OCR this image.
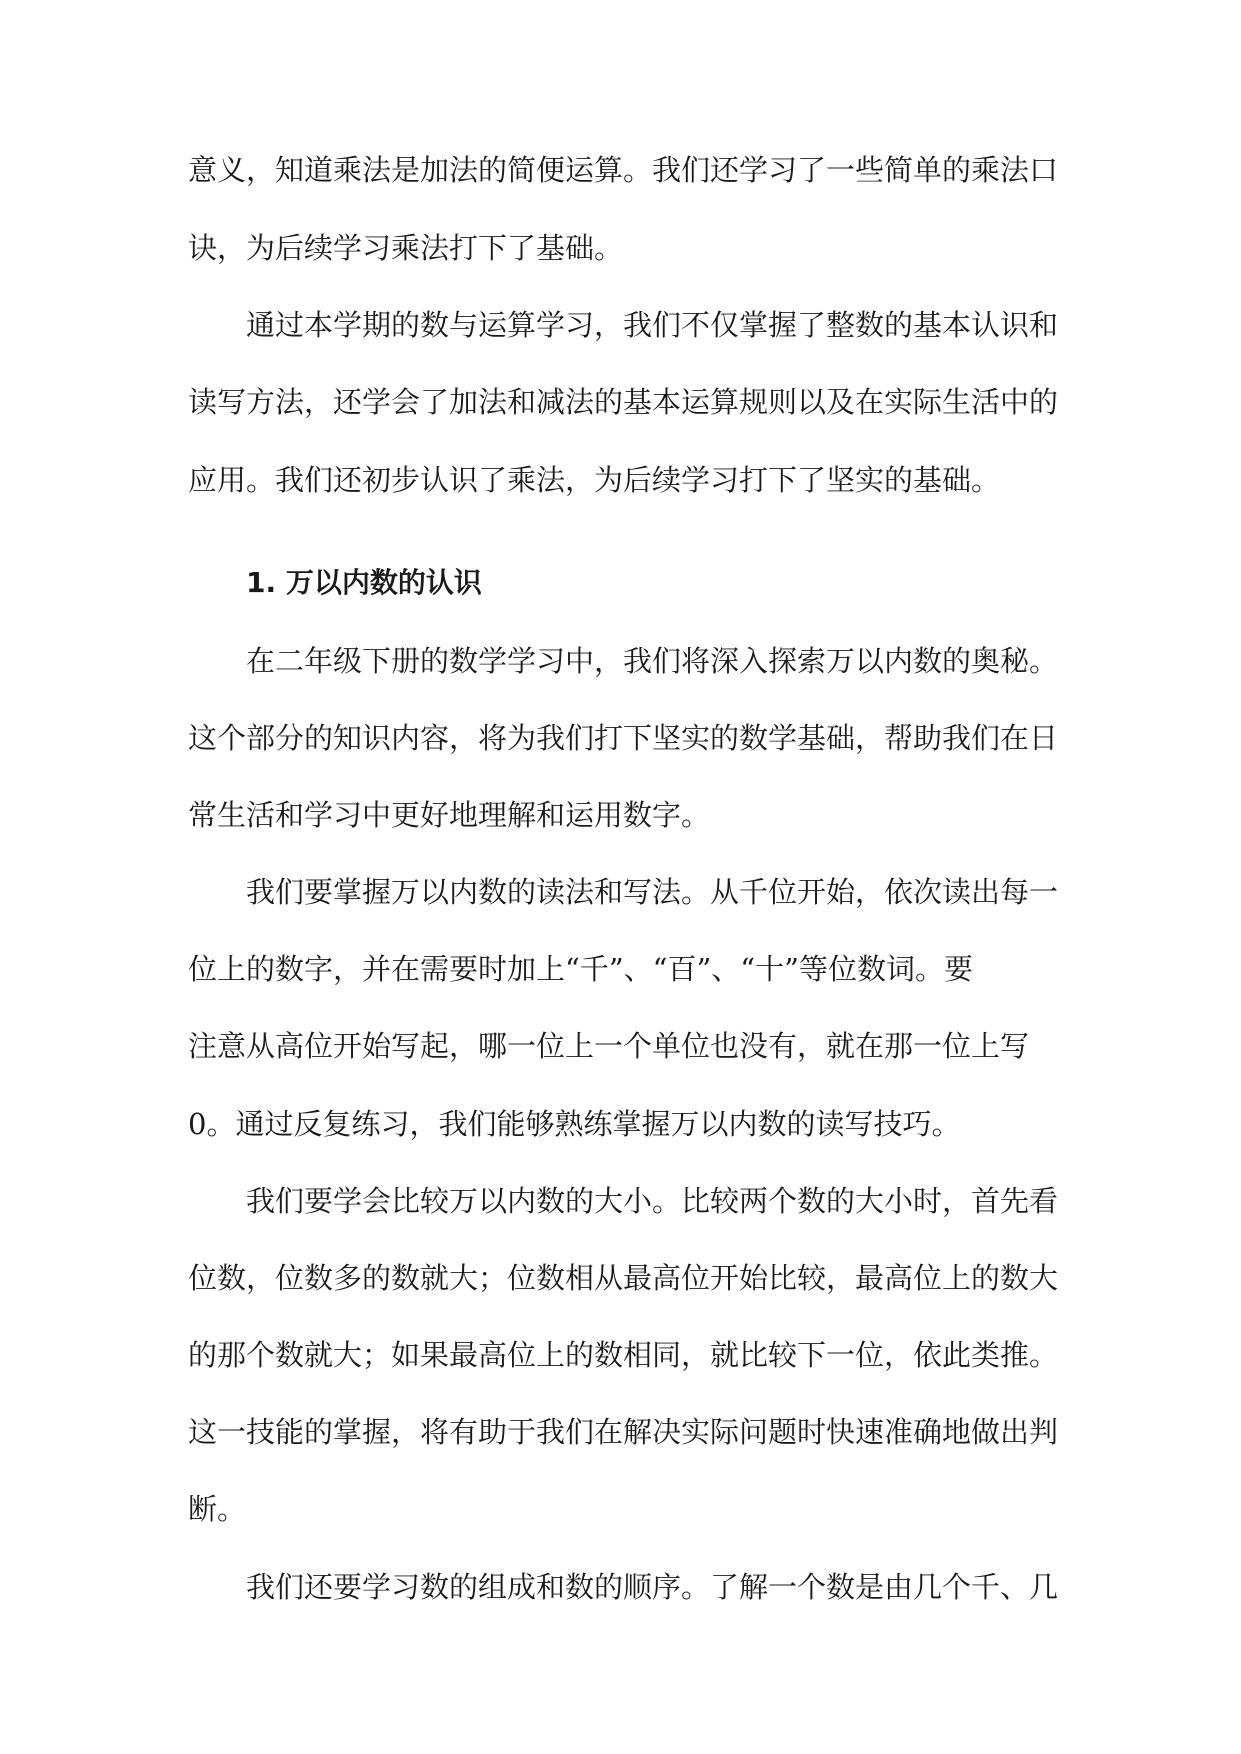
意义，知道乘法是加法的简便运算。我们还学习了一些简单的乘法口
诀，为后续学习乘法打下了基础。
通过本学期的数与运算学习，我们不仅掌握了整数的基本认识和
读写方法，还学会了加法和减法的基本运算规则以及在实际生活中的
应用。我们还初步认识了乘法，为后续学习打下了坚实的基础。
1. 万以内数的认识
在二年级下册的数学学习中，我们将深入探索万以内数的奥秘。
这个部分的知识内容，将为我们打下坚实的数学基础，帮助我们在日
常生活和学习中更好地理解和运用数字。
我们要掌握万以内数的读法和写法。从千位开始，依次读出每一
位上的数字，并在需要时加上“千”、“百”、“十”等位数词。要
注意从高位开始写起，哪一位上一个单位也没有，就在那一位上写
0。通过反复练习，我们能够熟练掌握万以内数的读写技巧。
我们要学会比较万以内数的大小。比较两个数的大小时，首先看
位数，位数多的数就大；位数相从最高位开始比较，最高位上的数大
的那个数就大；如果最高位上的数相同，就比较下一位，依此类推。
这一技能的掌握，将有助于我们在解决实际问题时快速准确地做出判
断。
我们还要学习数的组成和数的顺序。了解一个数是由几个千、几
